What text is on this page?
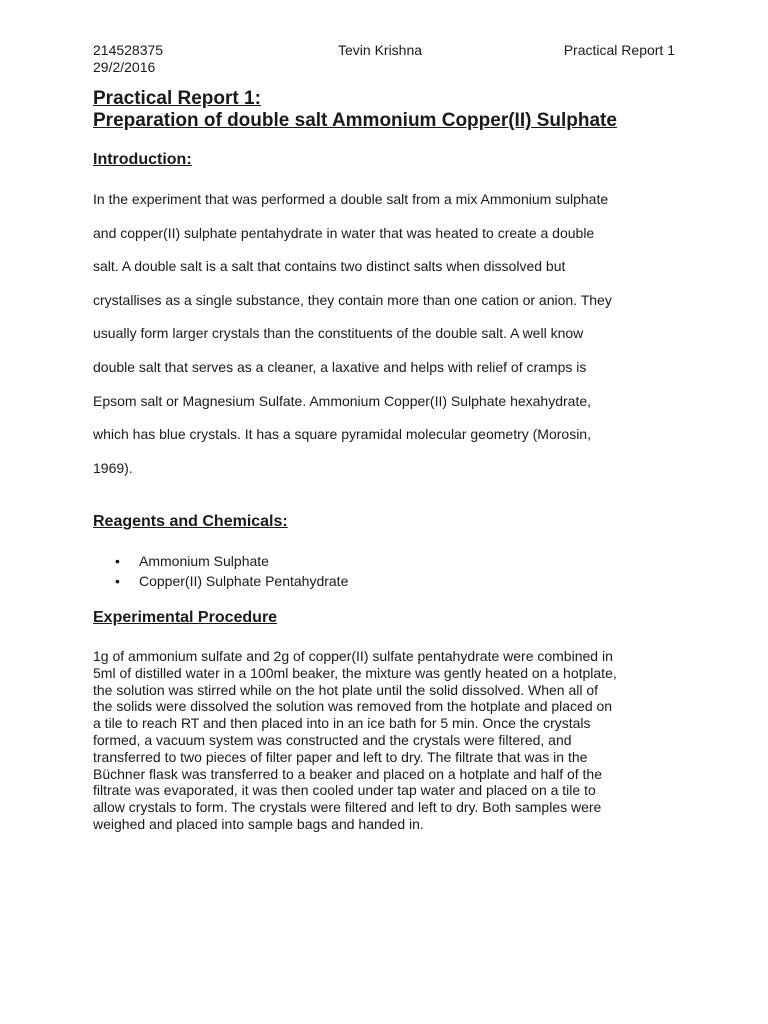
214528375	Tevin Krishna	Practical Report 1
29/2/2016
Practical Report 1:
Preparation of double salt Ammonium Copper(II) Sulphate
Introduction:
In the experiment that was performed a double salt from a mix Ammonium sulphate
and copper(II) sulphate pentahydrate in water that was heated to create a double
salt. A double salt is a salt that contains two distinct salts when dissolved but
crystallises as a single substance, they contain more than one cation or anion. They
usually form larger crystals than the constituents of the double salt. A well know
double salt that serves as a cleaner, a laxative and helps with relief of cramps is
Epsom salt or Magnesium Sulfate. Ammonium Copper(II) Sulphate hexahydrate,
which has blue crystals. It has a square pyramidal molecular geometry (Morosin,
1969).
Reagents and Chemicals:
• Ammonium Sulphate
• Copper(II) Sulphate Pentahydrate
Experimental Procedure
1g of ammonium sulfate and 2g of copper(II) sulfate pentahydrate were combined in
5ml of distilled water in a 100ml beaker, the mixture was gently heated on a hotplate,
the solution was stirred while on the hot plate until the solid dissolved. When all of
the solids were dissolved the solution was removed from the hotplate and placed on
a tile to reach RT and then placed into in an ice bath for 5 min. Once the crystals
formed, a vacuum system was constructed and the crystals were filtered, and
transferred to two pieces of filter paper and left to dry. The filtrate that was in the
Büchner flask was transferred to a beaker and placed on a hotplate and half of the
filtrate was evaporated, it was then cooled under tap water and placed on a tile to
allow crystals to form. The crystals were filtered and left to dry. Both samples were
weighed and placed into sample bags and handed in.
